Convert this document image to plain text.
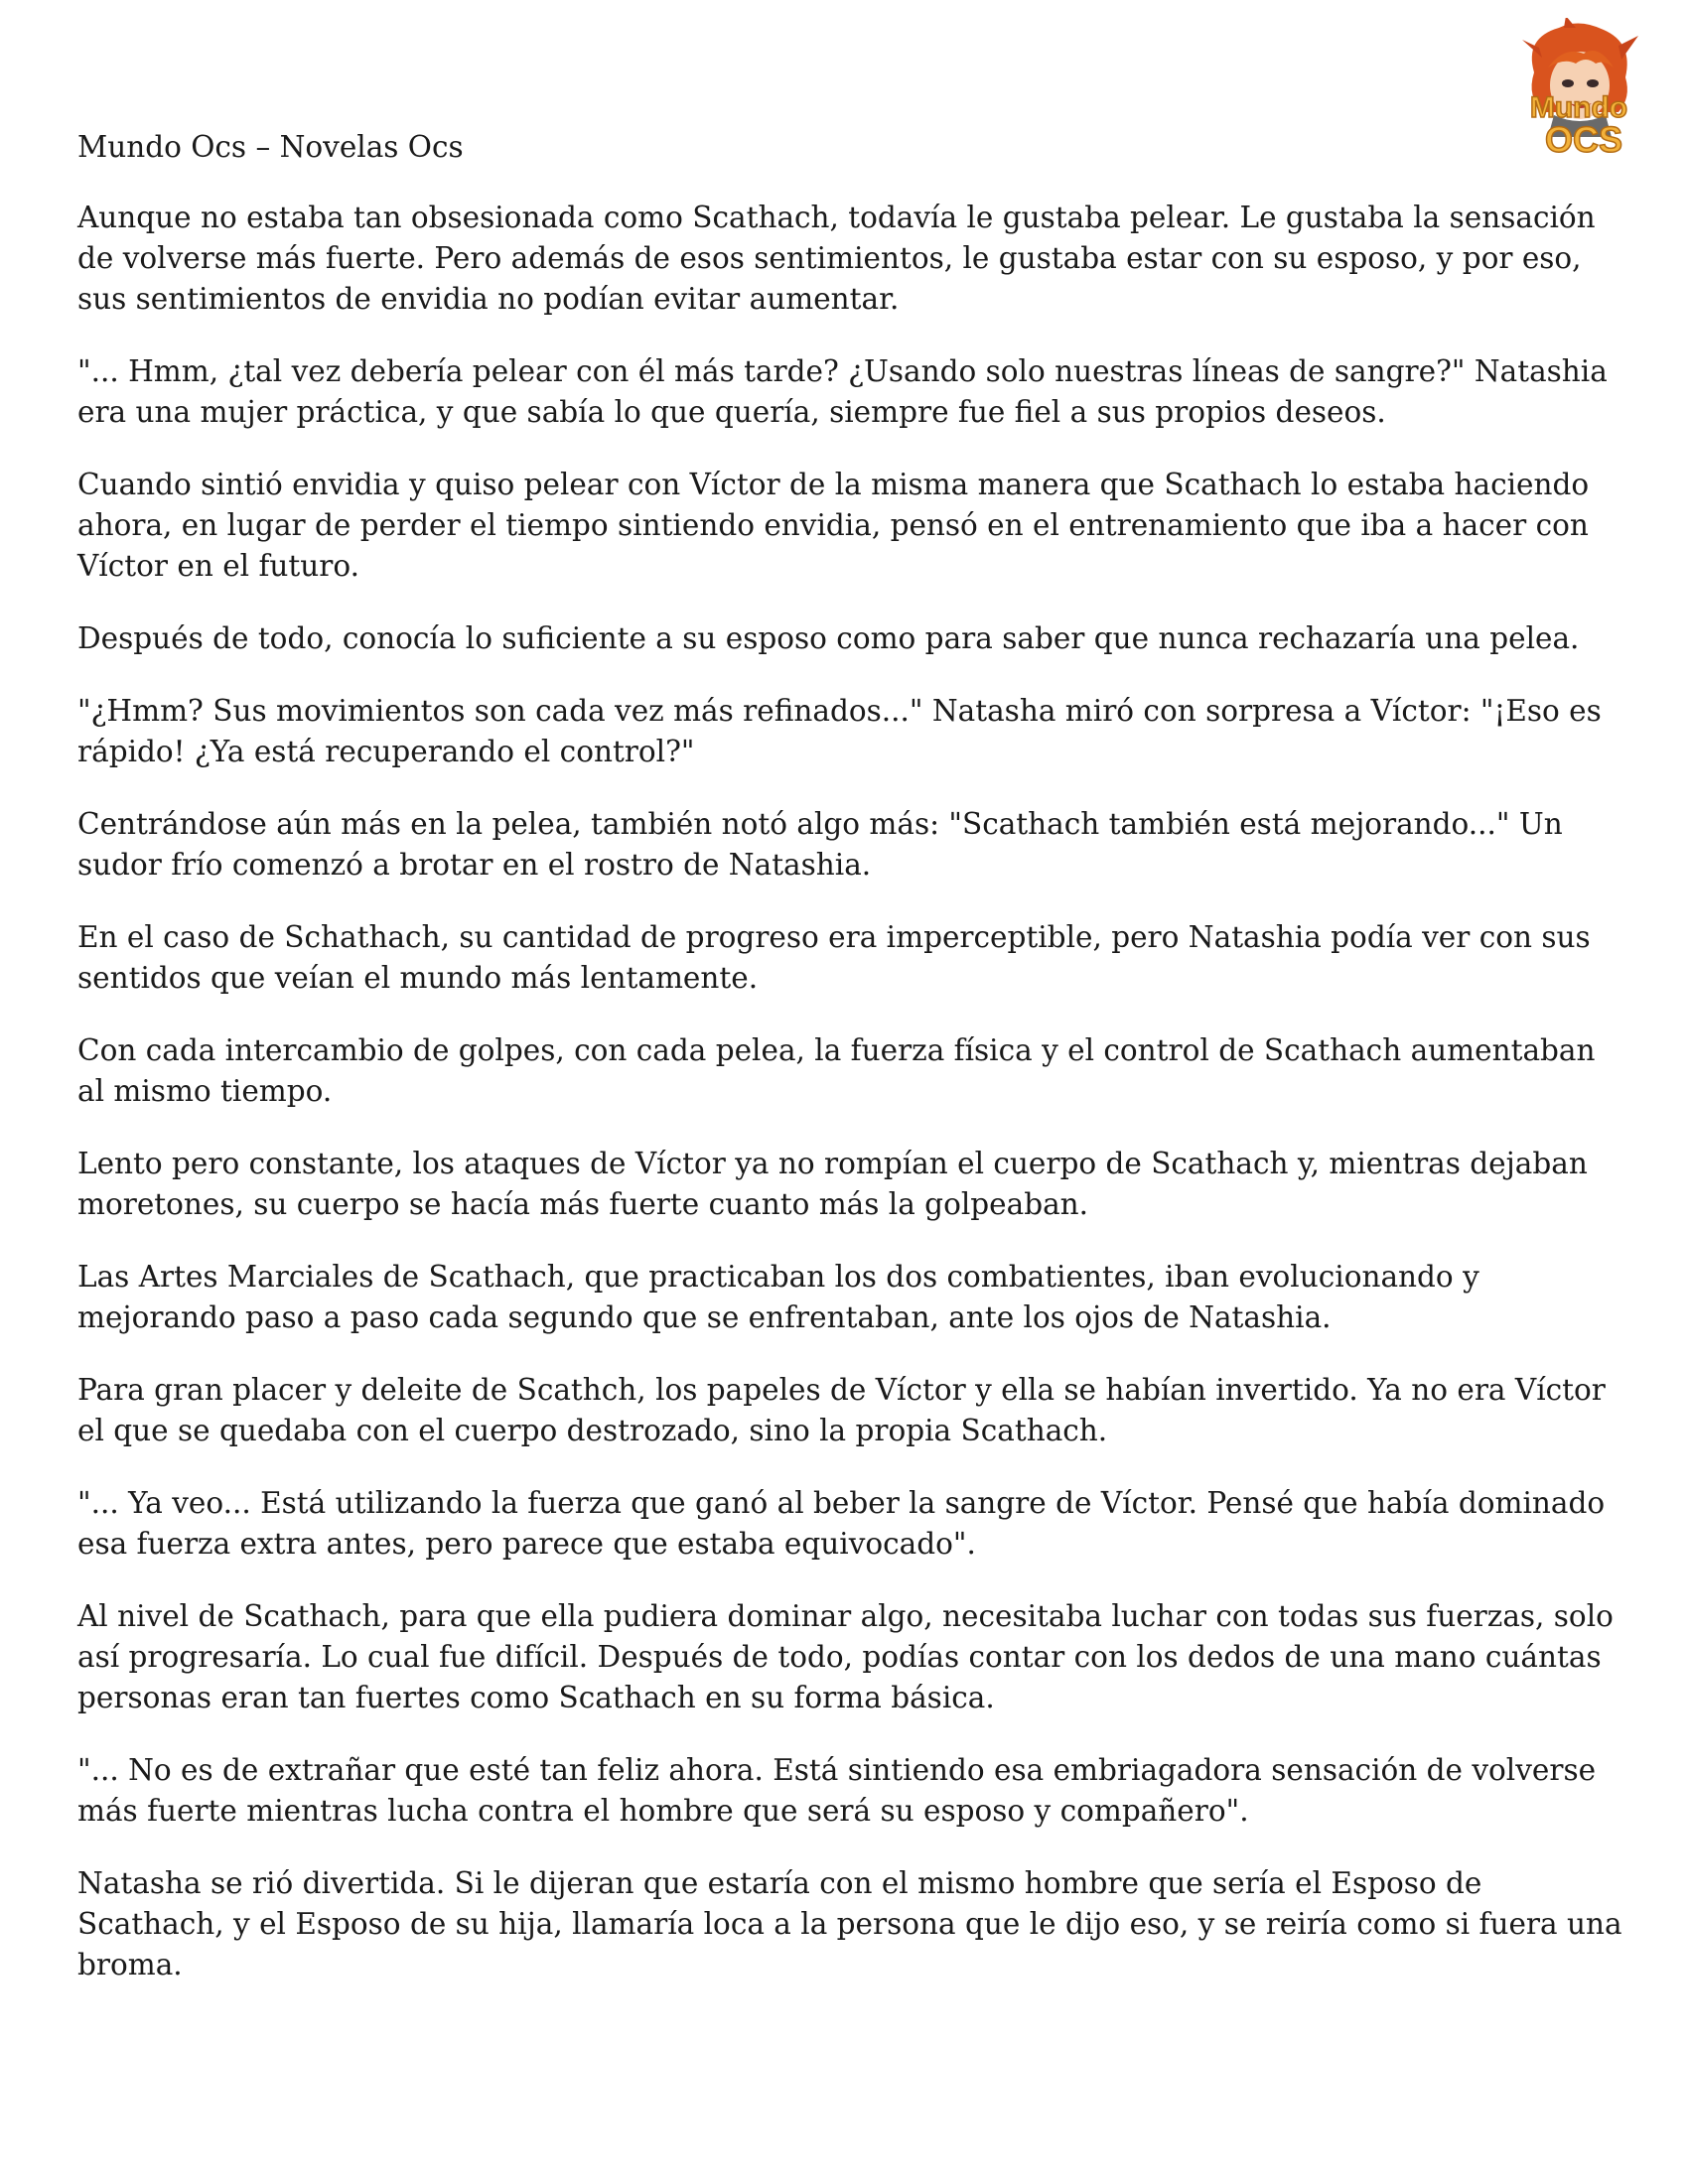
Mundo
OCS
Mundo Ocs – Novelas Ocs

Aunque no estaba tan obsesionada como Scathach, todavía le gustaba pelear. Le gustaba la sensación de volverse más fuerte. Pero además de esos sentimientos, le gustaba estar con su esposo, y por eso, sus sentimientos de envidia no podían evitar aumentar.

"... Hmm, ¿tal vez debería pelear con él más tarde? ¿Usando solo nuestras líneas de sangre?" Natashia era una mujer práctica, y que sabía lo que quería, siempre fue fiel a sus propios deseos.

Cuando sintió envidia y quiso pelear con Víctor de la misma manera que Scathach lo estaba haciendo ahora, en lugar de perder el tiempo sintiendo envidia, pensó en el entrenamiento que iba a hacer con Víctor en el futuro.

Después de todo, conocía lo suficiente a su esposo como para saber que nunca rechazaría una pelea.

"¿Hmm? Sus movimientos son cada vez más refinados..." Natasha miró con sorpresa a Víctor: "¡Eso es rápido! ¿Ya está recuperando el control?"

Centrándose aún más en la pelea, también notó algo más: "Scathach también está mejorando..." Un sudor frío comenzó a brotar en el rostro de Natashia.

En el caso de Schathach, su cantidad de progreso era imperceptible, pero Natashia podía ver con sus sentidos que veían el mundo más lentamente.

Con cada intercambio de golpes, con cada pelea, la fuerza física y el control de Scathach aumentaban al mismo tiempo.

Lento pero constante, los ataques de Víctor ya no rompían el cuerpo de Scathach y, mientras dejaban moretones, su cuerpo se hacía más fuerte cuanto más la golpeaban.

Las Artes Marciales de Scathach, que practicaban los dos combatientes, iban evolucionando y mejorando paso a paso cada segundo que se enfrentaban, ante los ojos de Natashia.

Para gran placer y deleite de Scathch, los papeles de Víctor y ella se habían invertido. Ya no era Víctor el que se quedaba con el cuerpo destrozado, sino la propia Scathach.

"... Ya veo... Está utilizando la fuerza que ganó al beber la sangre de Víctor. Pensé que había dominado esa fuerza extra antes, pero parece que estaba equivocado".

Al nivel de Scathach, para que ella pudiera dominar algo, necesitaba luchar con todas sus fuerzas, solo así progresaría. Lo cual fue difícil. Después de todo, podías contar con los dedos de una mano cuántas personas eran tan fuertes como Scathach en su forma básica.

"... No es de extrañar que esté tan feliz ahora. Está sintiendo esa embriagadora sensación de volverse más fuerte mientras lucha contra el hombre que será su esposo y compañero".

Natasha se rió divertida. Si le dijeran que estaría con el mismo hombre que sería el Esposo de Scathach, y el Esposo de su hija, llamaría loca a la persona que le dijo eso, y se reiría como si fuera una broma.
